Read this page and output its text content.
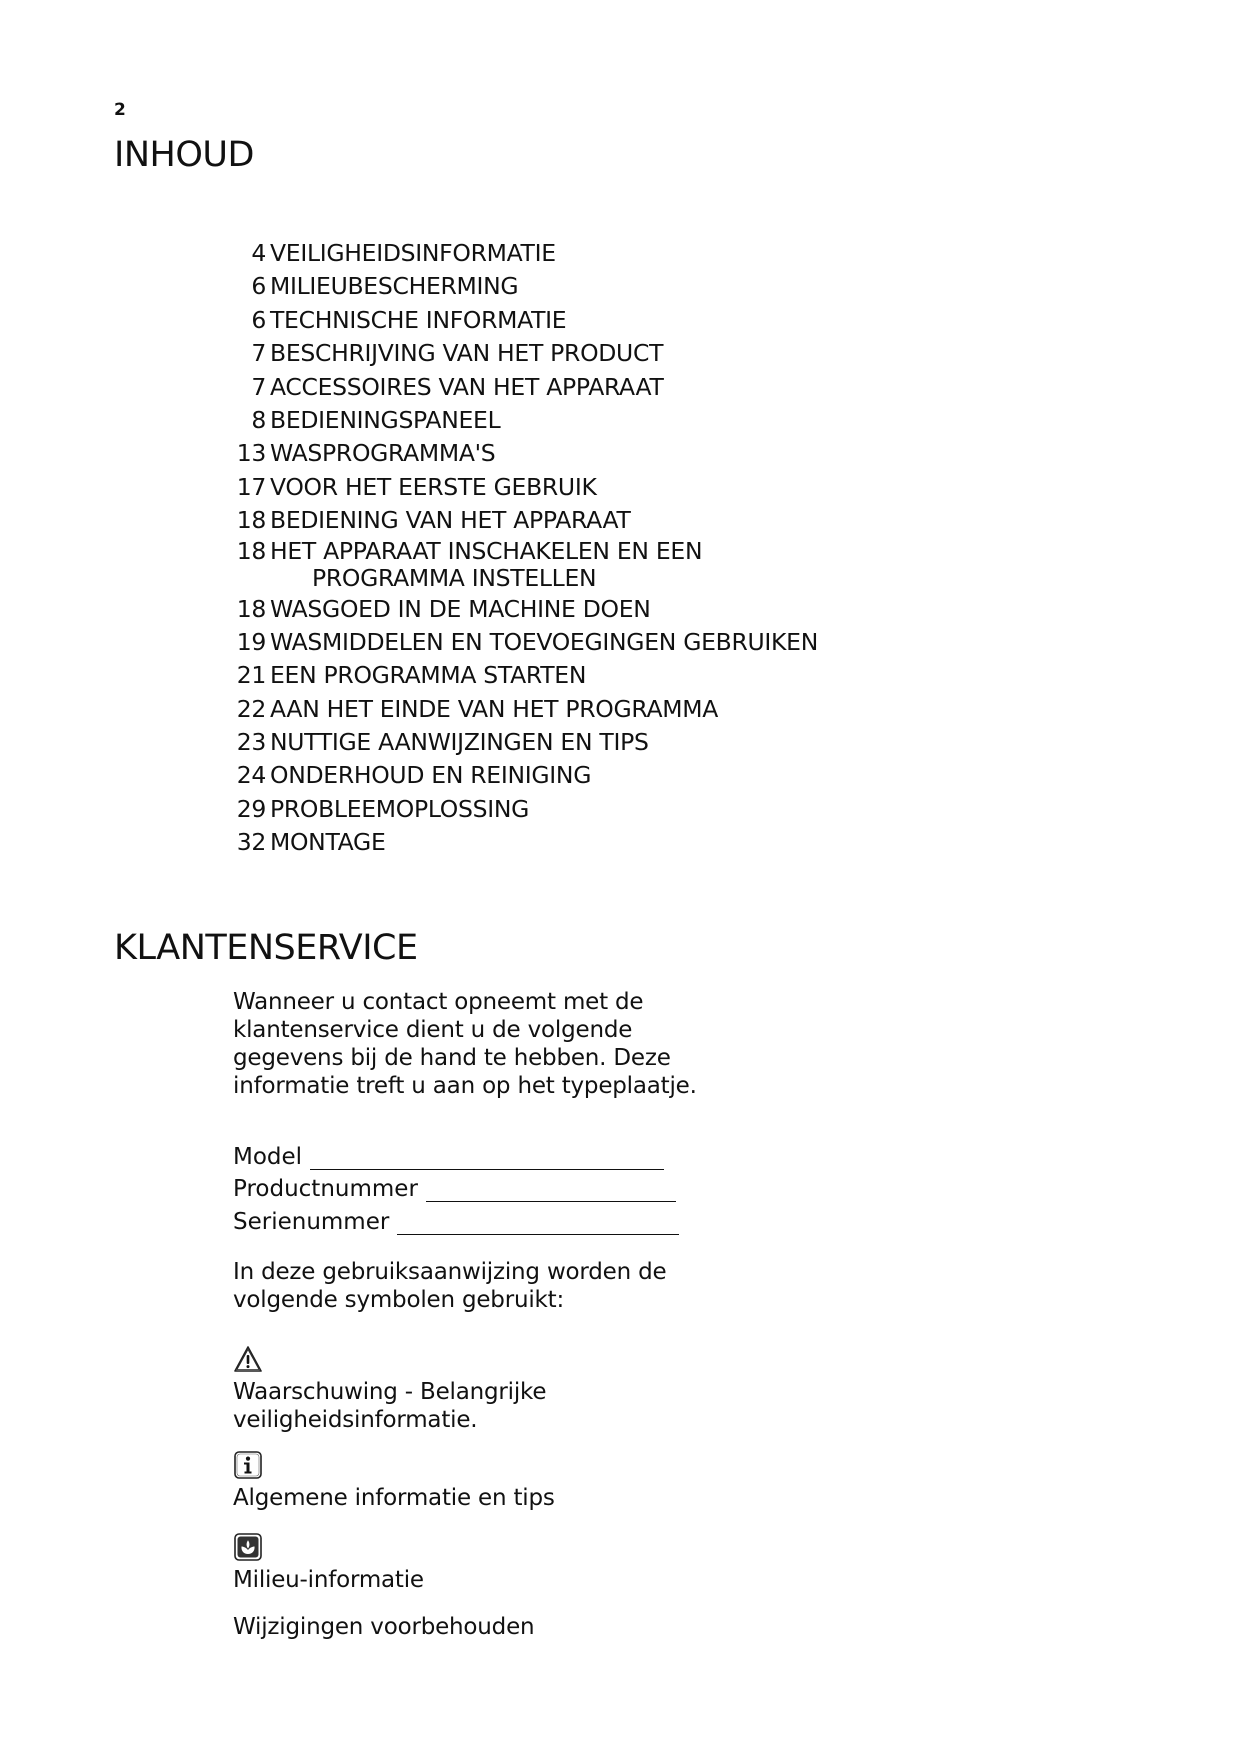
2
INHOUD
4 VEILIGHEIDSINFORMATIE
6 MILIEUBESCHERMING
6 TECHNISCHE INFORMATIE
7 BESCHRIJVING VAN HET PRODUCT
7 ACCESSOIRES VAN HET APPARAAT
8 BEDIENINGSPANEEL
13 WASPROGRAMMA'S
17 VOOR HET EERSTE GEBRUIK
18 BEDIENING VAN HET APPARAAT
18 HET APPARAAT INSCHAKELEN EN EEN
PROGRAMMA INSTELLEN
18 WASGOED IN DE MACHINE DOEN
19 WASMIDDELEN EN TOEVOEGINGEN GEBRUIKEN
21 EEN PROGRAMMA STARTEN
22 AAN HET EINDE VAN HET PROGRAMMA
23 NUTTIGE AANWIJZINGEN EN TIPS
24 ONDERHOUD EN REINIGING
29 PROBLEEMOPLOSSING
32 MONTAGE
KLANTENSERVICE
Wanneer u contact opneemt met de klantenservice dient u de volgende gegevens bij de hand te hebben. Deze informatie treft u aan op het typeplaatje.
Model
Productnummer
Serienummer
In deze gebruiksaanwijzing worden de volgende symbolen gebruikt:
Waarschuwing - Belangrijke veiligheidsinformatie.
Algemene informatie en tips
Milieu-informatie
Wijzigingen voorbehouden
